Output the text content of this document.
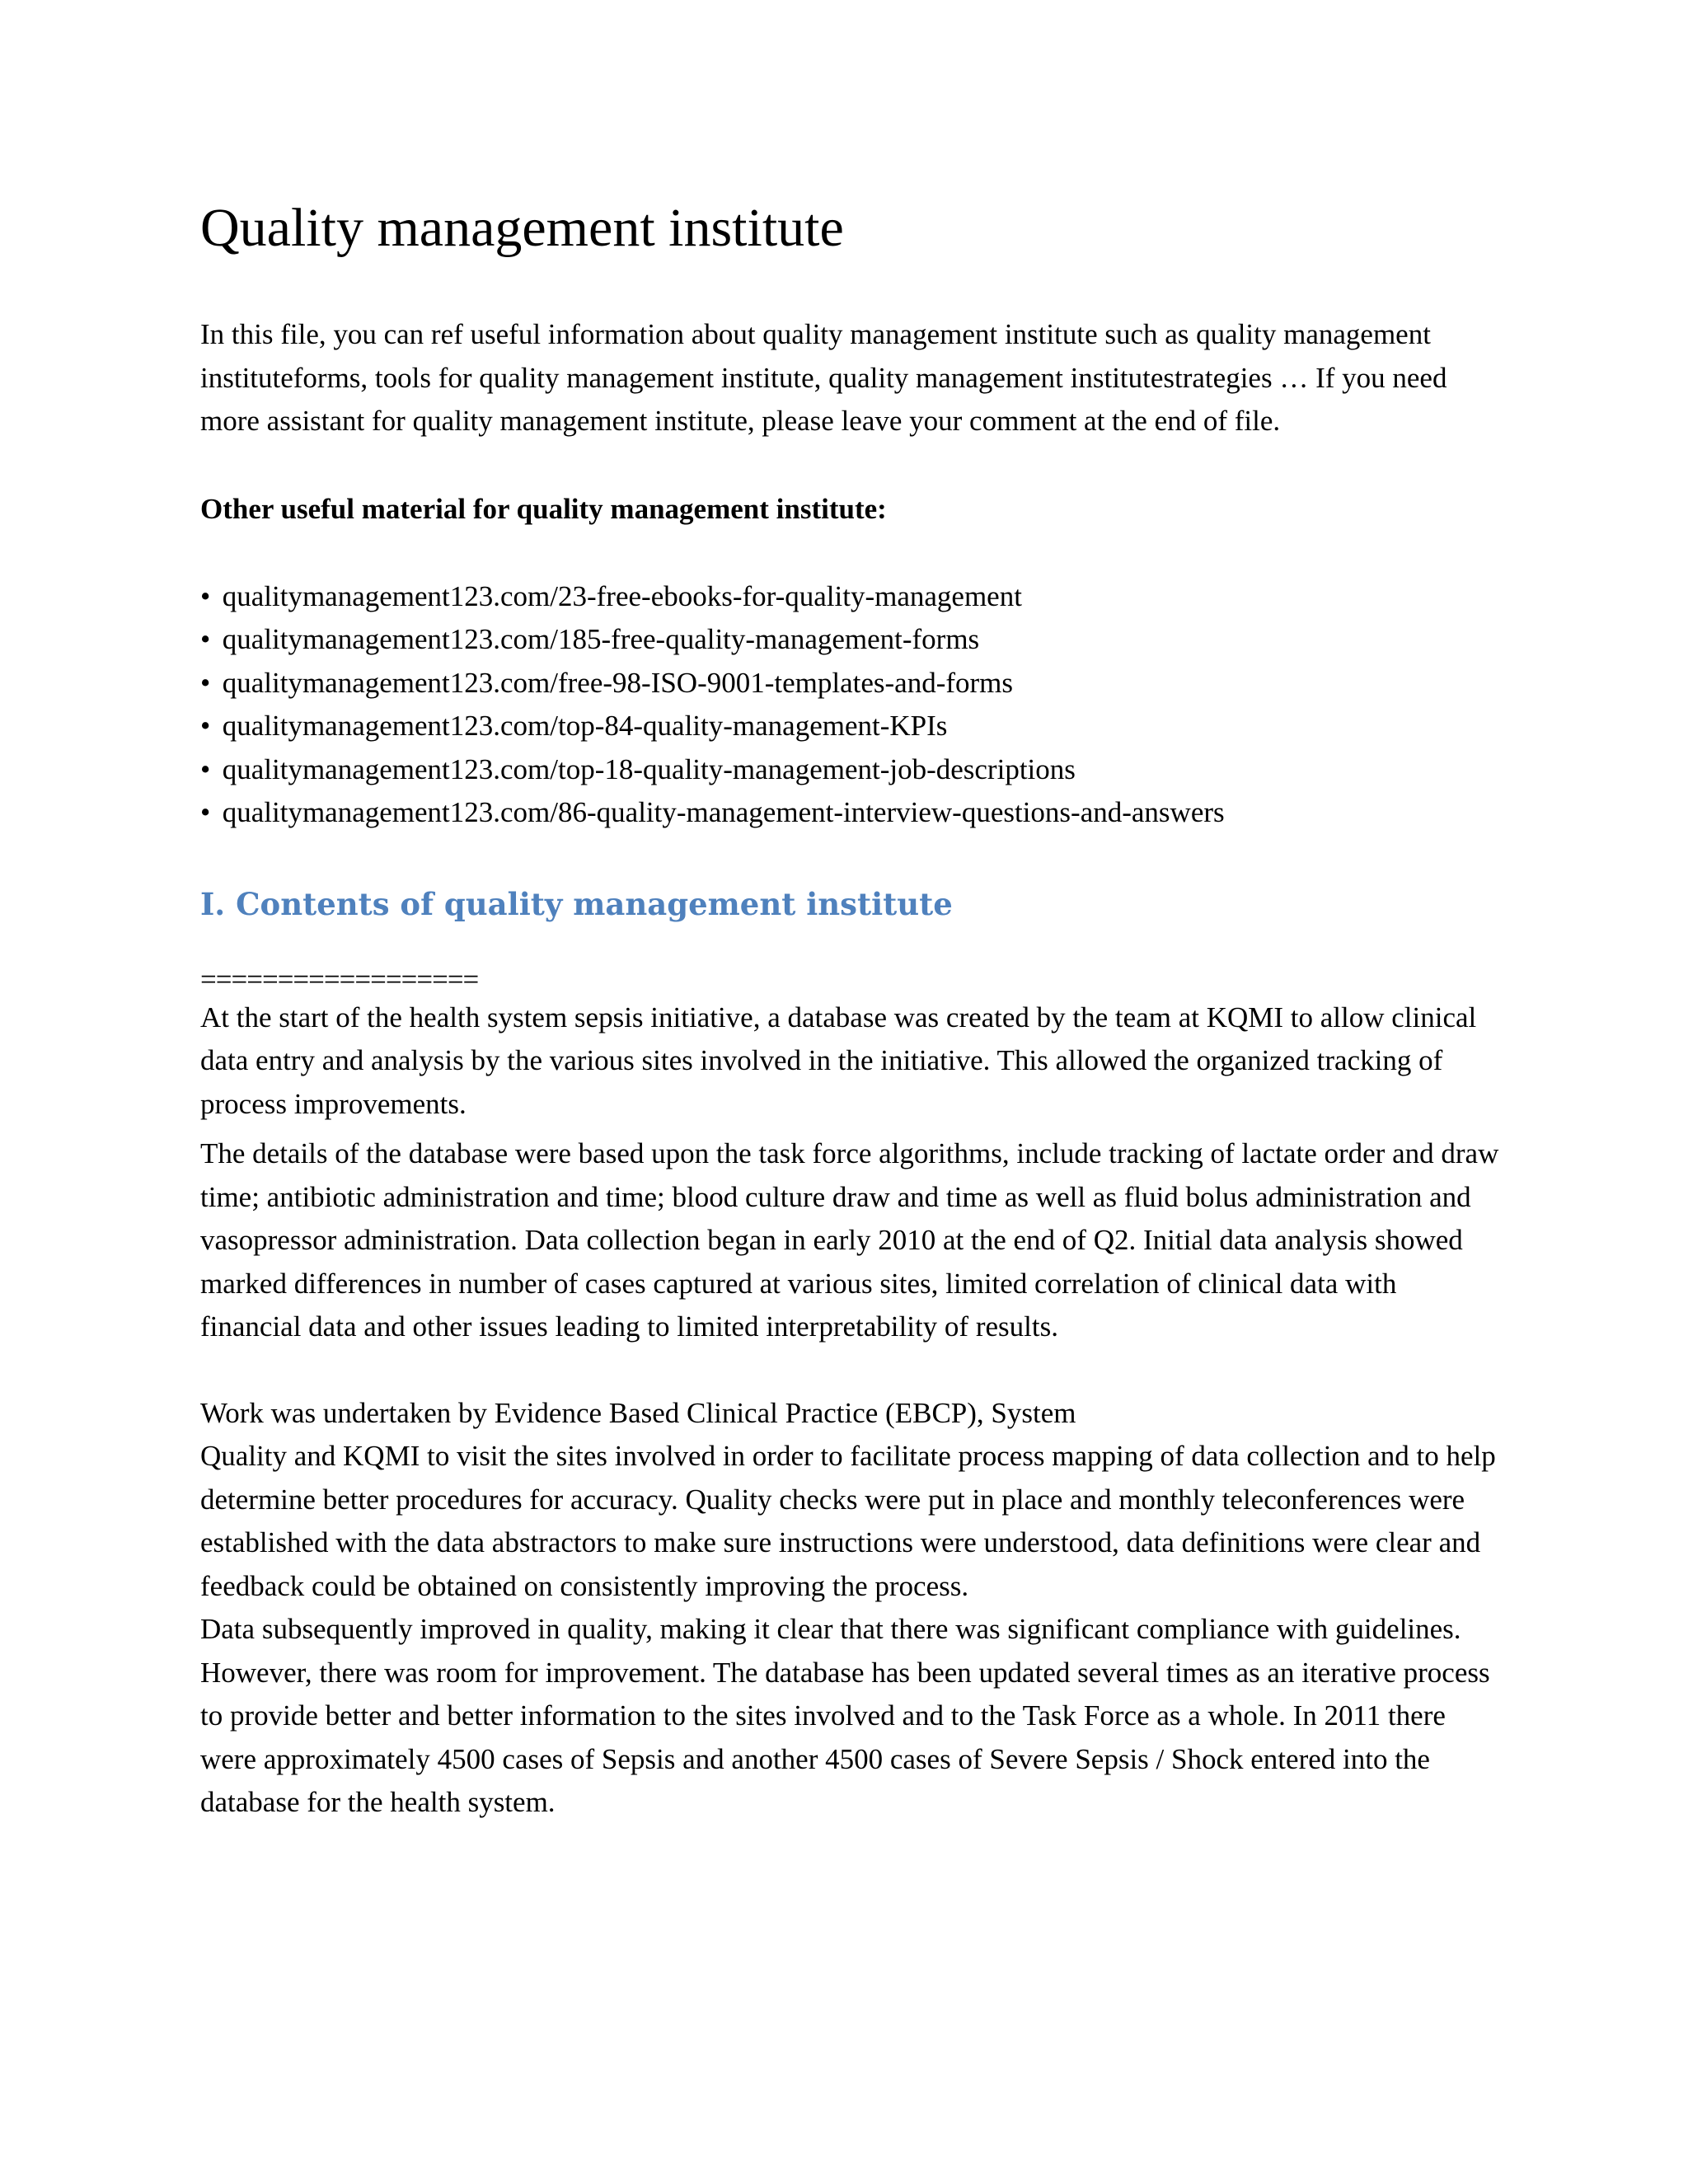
Quality management institute

In this file, you can ref useful information about quality management institute such as quality management instituteforms, tools for quality management institute, quality management institutestrategies … If you need more assistant for quality management institute, please leave your comment at the end of file.

Other useful material for quality management institute:

• qualitymanagement123.com/23-free-ebooks-for-quality-management
• qualitymanagement123.com/185-free-quality-management-forms
• qualitymanagement123.com/free-98-ISO-9001-templates-and-forms
• qualitymanagement123.com/top-84-quality-management-KPIs
• qualitymanagement123.com/top-18-quality-management-job-descriptions
• qualitymanagement123.com/86-quality-management-interview-questions-and-answers
I. Contents of quality management institute

==================

At the start of the health system sepsis initiative, a database was created by the team at KQMI to allow clinical data entry and analysis by the various sites involved in the initiative. This allowed the organized tracking of process improvements.

The details of the database were based upon the task force algorithms, include tracking of lactate order and draw time; antibiotic administration and time; blood culture draw and time as well as fluid bolus administration and vasopressor administration. Data collection began in early 2010 at the end of Q2. Initial data analysis showed marked differences in number of cases captured at various sites, limited correlation of clinical data with financial data and other issues leading to limited interpretability of results.

Work was undertaken by Evidence Based Clinical Practice (EBCP), System

Quality and KQMI to visit the sites involved in order to facilitate process mapping of data collection and to help determine better procedures for accuracy. Quality checks were put in place and monthly teleconferences were established with the data abstractors to make sure instructions were understood, data definitions were clear and feedback could be obtained on consistently improving the process.

Data subsequently improved in quality, making it clear that there was significant compliance with guidelines. However, there was room for improvement. The database has been updated several times as an iterative process to provide better and better information to the sites involved and to the Task Force as a whole. In 2011 there were approximately 4500 cases of Sepsis and another 4500 cases of Severe Sepsis / Shock entered into the database for the health system.
